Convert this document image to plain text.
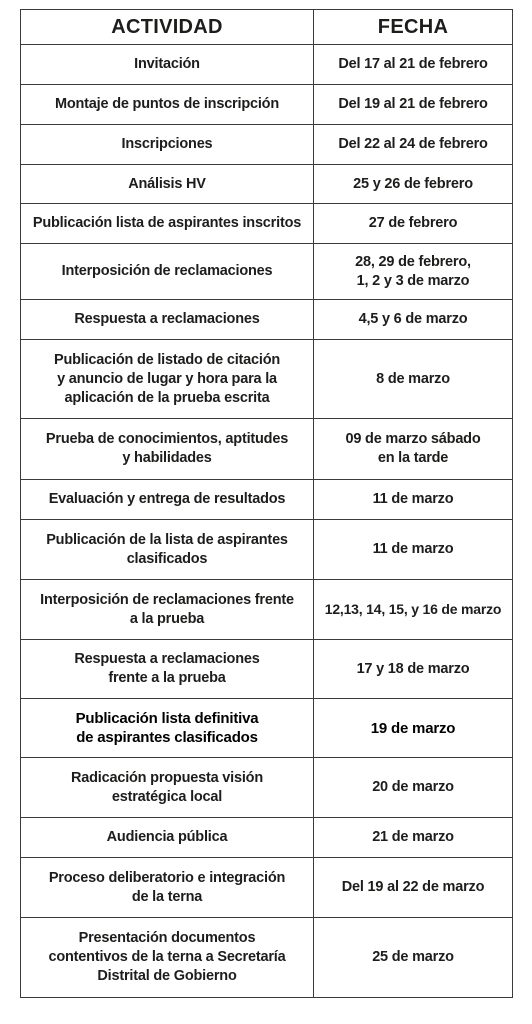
ACTIVIDAD	FECHA

Invitación	Del 17 al 21 de febrero

Montaje de puntos de inscripción	Del 19 al 21 de febrero

Inscripciones	Del 22 al 24 de febrero

Análisis HV	25 y 26 de febrero

Publicación lista de aspirantes inscritos	27 de febrero

Interposición de reclamaciones	28, 29 de febrero,
1, 2 y 3 de marzo

Respuesta a reclamaciones	4,5 y 6 de marzo

Publicación de listado de citación
y anuncio de lugar y hora para la
aplicación de la prueba escrita	8 de marzo

Prueba de conocimientos, aptitudes
y habilidades	09 de marzo sábado
en la tarde

Evaluación y entrega de resultados	11 de marzo

Publicación de la lista de aspirantes
clasificados	11 de marzo

Interposición de reclamaciones frente
a la prueba	12,13, 14, 15, y 16 de marzo

Respuesta a reclamaciones
frente a la prueba	17 y 18 de marzo

Publicación lista definitiva
de aspirantes clasificados	19 de marzo

Radicación propuesta visión
estratégica local	20 de marzo

Audiencia pública	21 de marzo

Proceso deliberatorio e integración
de la terna	Del 19 al 22 de marzo

Presentación documentos
contentivos de la terna a Secretaría
Distrital de Gobierno	25 de marzo
